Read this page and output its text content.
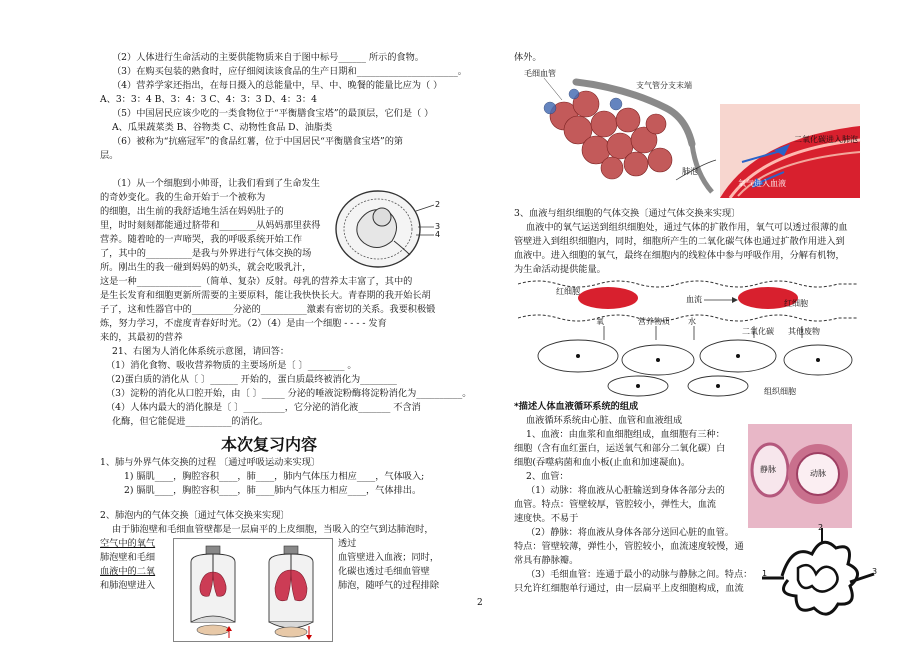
（2）人体进行生命活动的主要供能物质来自于图中标号______ 所示的食物。
（3）在购买包装的熟食时，应仔细阅读该食品的生产日期和______________________。
（4）营养学家还指出，在每日摄入的总能量中，早、中、晚餐的能量比应为（ ）
A、3：3：4 B、3：4：3 C、4：3：3 D、4：3：4
（5）中国居民应该少吃的一类食物位于“平衡膳食宝塔”的最顶层，它们是（ ）
A、瓜果蔬菜类 B、谷物类 C、动物性食品 D、油脂类
（6）被称为“抗癌冠军”的食品红薯，位于中国居民“平衡膳食宝塔”的第
层。
（1）从一个细胞到小帅哥，让我们看到了生命发生
的奇妙变化。我的生命开始于一个被称为
的细胞，出生前的我舒适地生活在妈妈肚子的
里，时时刻刻都能通过脐带和________从妈妈那里获得
营养。随着呛的一声啼哭，我的呼吸系统开始工作
了，其中的__________是我与外界进行气体交换的场
所。刚出生的我一碰到妈妈的奶头，就会吃吸乳汁，
这是一种______________（简单、复杂）反射。母乳的营养太丰富了，其中的
是生长发育和细胞更新所需要的主要原料，能让我快快长大。青春期的我开始长胡
子了，这和性器官中的_________分泌的__________激素有密切的关系。我要积极锻
炼，努力学习，不虚度青春好时光。（2）（4）是由一个细胞 - - - - 发育
来的，其最初的营养
3
4
2
21、右图为人消化体系统示意图，请回答：
（1）消化食物、吸收营养物质的主要场所是〔 〕________ 。
（2)蛋白质的消化从〔 〕______ 开始的，蛋白质最终被消化为________
（3）淀粉的消化从口腔开始，由〔 〕_____ 分泌的唾液淀粉酶将淀粉消化为__________。
（4）人体内最大的消化腺是〔 〕_________，它分泌的消化液_______ 不含消
化酶，但它能促进__________的消化。
本次复习内容
1、肺与外界气体交换的过程 〔通过呼吸运动来实现〕
1) 膈肌____，胸腔容积____，肺____，肺内气体压力相应____，气体吸入;
2) 膈肌____，胸腔容积____，肺____肺内气体压力相应____，气体排出。
2、肺泡内的气体交换〔通过气体交换来实现〕
由于肺泡壁和毛细血管壁都是一层扁平的上皮细胞，当吸入的空气到达肺泡时，
空气中的氧气
肺泡壁和毛细
血液中的二氧
和肺泡壁进入
透过
血管壁进入血液；同时，
化碳也透过毛细血管壁
肺泡，随呼气的过程排除
2
体外。
毛细血管
支气管分支末端
肺泡
二氧化碳进入肺泡
氧气进入血液
3、血液与组织细胞的气体交换〔通过气体交换来实现〕
血液中的氧气运送到组织细胞处，通过气体的扩散作用，氧气可以透过很薄的血
管壁进入到组织细胞内，同时，细胞所产生的二氧化碳气体也通过扩散作用进入到
血液中。进入细胞的氧气，最终在细胞内的线粒体中参与呼吸作用，分解有机物，
为生命活动提供能量。
红细胞
血流	红细胞
氧	营养物质 水
二氧化碳 其他废物
组织细胞
*描述人体血液循环系统的组成
血液循环系统由心脏、血管和血液组成
1、血液：由血浆和血细胞组成，血细胞有三种：
细胞（含有血红蛋白，运送氧气和部分二氧化碳）白
细胞(吞噬病菌和血小板(止血和加速凝血)。
2、血管：
（1）动脉：将血液从心脏输送到身体各部分去的
血管。特点：管壁较厚，管腔较小，弹性大，血流
速度快。不易于
（2）静脉：将血液从身体各部分送回心脏的血管。
特点：管壁较薄，弹性小，管腔较小，血流速度较慢，通
常具有静脉瓣。
（3）毛细血管：连通于最小的动脉与静脉之间。特点：
只允许红细胞单行通过，由一层扁平上皮细胞构成，血流
静脉	动脉
2
1	3
